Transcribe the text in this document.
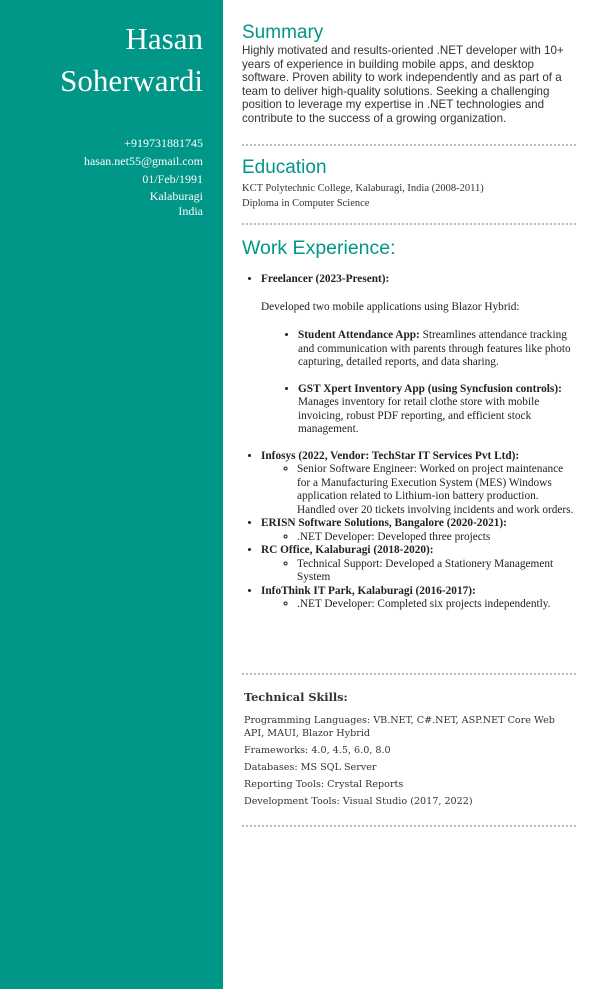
Hasan
Soherwardi
+919731881745
hasan.net55@gmail.com
01/Feb/1991
Kalaburagi
India
Summary
Highly motivated and results-oriented .NET developer with 10+ years of experience in building mobile apps, and desktop software. Proven ability to work independently and as part of a team to deliver high-quality solutions. Seeking a challenging position to leverage my expertise in .NET technologies and contribute to the success of a growing organization.
Education
KCT Polytechnic College, Kalaburagi, India (2008-2011)
Diploma in Computer Science
Work Experience:
• Freelancer (2023-Present):
Developed two mobile applications using Blazor Hybrid:
• Student Attendance App: Streamlines attendance tracking and communication with parents through features like photo capturing, detailed reports, and data sharing.
• GST Xpert Inventory App (using Syncfusion controls): Manages inventory for retail clothe store with mobile invoicing, robust PDF reporting, and efficient stock management.
• Infosys (2022, Vendor: TechStar IT Services Pvt Ltd):
◦ Senior Software Engineer: Worked on project maintenance for a Manufacturing Execution System (MES) Windows application related to Lithium-ion battery production. Handled over 20 tickets involving incidents and work orders.
• ERISN Software Solutions, Bangalore (2020-2021):
◦ .NET Developer: Developed three projects
• RC Office, Kalaburagi (2018-2020):
◦ Technical Support: Developed a Stationery Management System
• InfoThink IT Park, Kalaburagi (2016-2017):
◦ .NET Developer: Completed six projects independently.
Technical Skills:
Programming Languages: VB.NET, C#.NET, ASP.NET Core Web API, MAUI, Blazor Hybrid
Frameworks: 4.0, 4.5, 6.0, 8.0
Databases: MS SQL Server
Reporting Tools: Crystal Reports
Development Tools: Visual Studio (2017, 2022)
